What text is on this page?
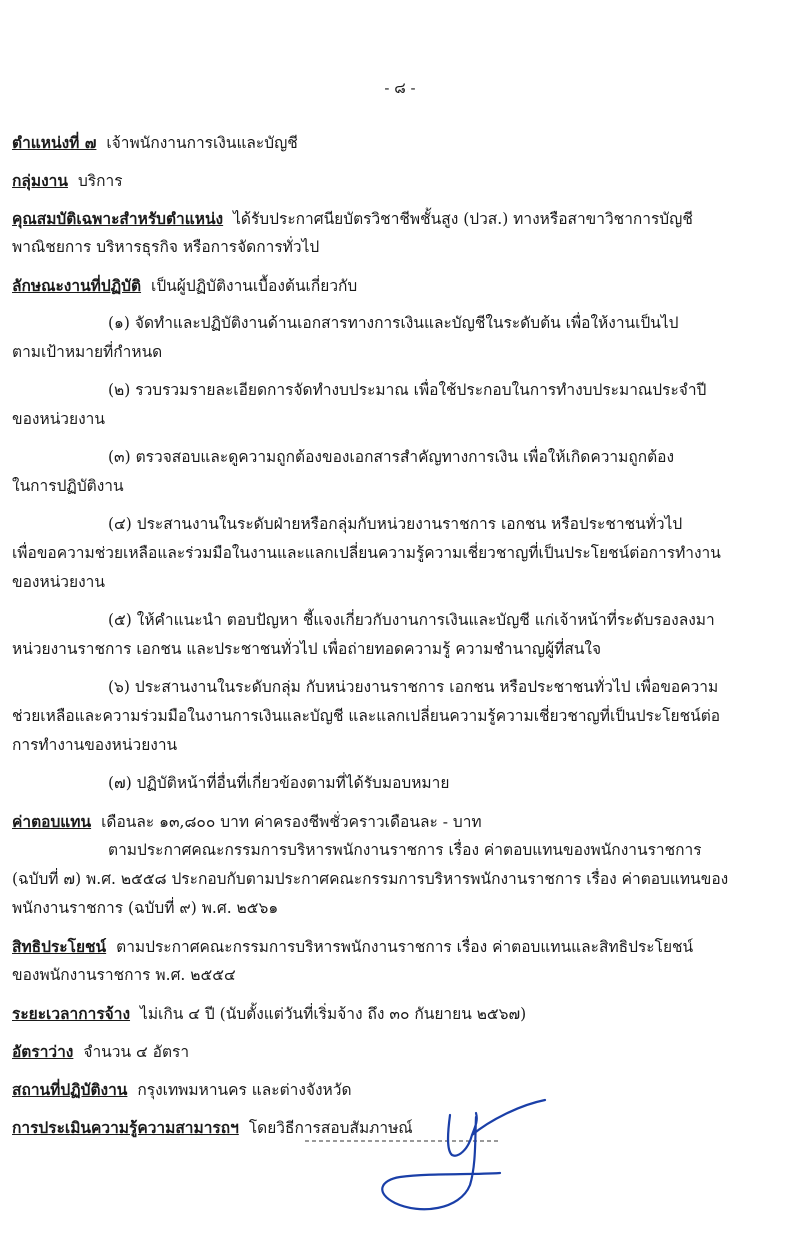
- ๘ -
ตำแหน่งที่ ๗ เจ้าพนักงานการเงินและบัญชี
กลุ่มงาน บริการ
คุณสมบัติเฉพาะสำหรับตำแหน่ง ได้รับประกาศนียบัตรวิชาชีพชั้นสูง (ปวส.) ทางหรือสาขาวิชาการบัญชี
พาณิชยการ บริหารธุรกิจ หรือการจัดการทั่วไป
ลักษณะงานที่ปฏิบัติ เป็นผู้ปฏิบัติงานเบื้องต้นเกี่ยวกับ
(๑) จัดทำและปฏิบัติงานด้านเอกสารทางการเงินและบัญชีในระดับต้น เพื่อให้งานเป็นไป
ตามเป้าหมายที่กำหนด
(๒) รวบรวมรายละเอียดการจัดทำงบประมาณ เพื่อใช้ประกอบในการทำงบประมาณประจำปี
ของหน่วยงาน
(๓) ตรวจสอบและดูความถูกต้องของเอกสารสำคัญทางการเงิน เพื่อให้เกิดความถูกต้อง
ในการปฏิบัติงาน
(๔) ประสานงานในระดับฝ่ายหรือกลุ่มกับหน่วยงานราชการ เอกชน หรือประชาชนทั่วไป
เพื่อขอความช่วยเหลือและร่วมมือในงานและแลกเปลี่ยนความรู้ความเชี่ยวชาญที่เป็นประโยชน์ต่อการทำงาน
ของหน่วยงาน
(๕) ให้คำแนะนำ ตอบปัญหา ชี้แจงเกี่ยวกับงานการเงินและบัญชี แก่เจ้าหน้าที่ระดับรองลงมา
หน่วยงานราชการ เอกชน และประชาชนทั่วไป เพื่อถ่ายทอดความรู้ ความชำนาญผู้ที่สนใจ
(๖) ประสานงานในระดับกลุ่ม กับหน่วยงานราชการ เอกชน หรือประชาชนทั่วไป เพื่อขอความ
ช่วยเหลือและความร่วมมือในงานการเงินและบัญชี และแลกเปลี่ยนความรู้ความเชี่ยวชาญที่เป็นประโยชน์ต่อ
การทำงานของหน่วยงาน
(๗) ปฏิบัติหน้าที่อื่นที่เกี่ยวข้องตามที่ได้รับมอบหมาย
ค่าตอบแทน เดือนละ ๑๓,๘๐๐ บาท ค่าครองชีพชั่วคราวเดือนละ - บาท
ตามประกาศคณะกรรมการบริหารพนักงานราชการ เรื่อง ค่าตอบแทนของพนักงานราชการ
(ฉบับที่ ๗) พ.ศ. ๒๕๕๘ ประกอบกับตามประกาศคณะกรรมการบริหารพนักงานราชการ เรื่อง ค่าตอบแทนของ
พนักงานราชการ (ฉบับที่ ๙) พ.ศ. ๒๕๖๑
สิทธิประโยชน์ ตามประกาศคณะกรรมการบริหารพนักงานราชการ เรื่อง ค่าตอบแทนและสิทธิประโยชน์
ของพนักงานราชการ พ.ศ. ๒๕๕๔
ระยะเวลาการจ้าง ไม่เกิน ๔ ปี (นับตั้งแต่วันที่เริ่มจ้าง ถึง ๓๐ กันยายน ๒๕๖๗)
อัตราว่าง จำนวน ๔ อัตรา
สถานที่ปฏิบัติงาน กรุงเทพมหานคร และต่างจังหวัด
การประเมินความรู้ความสามารถฯ โดยวิธีการสอบสัมภาษณ์
